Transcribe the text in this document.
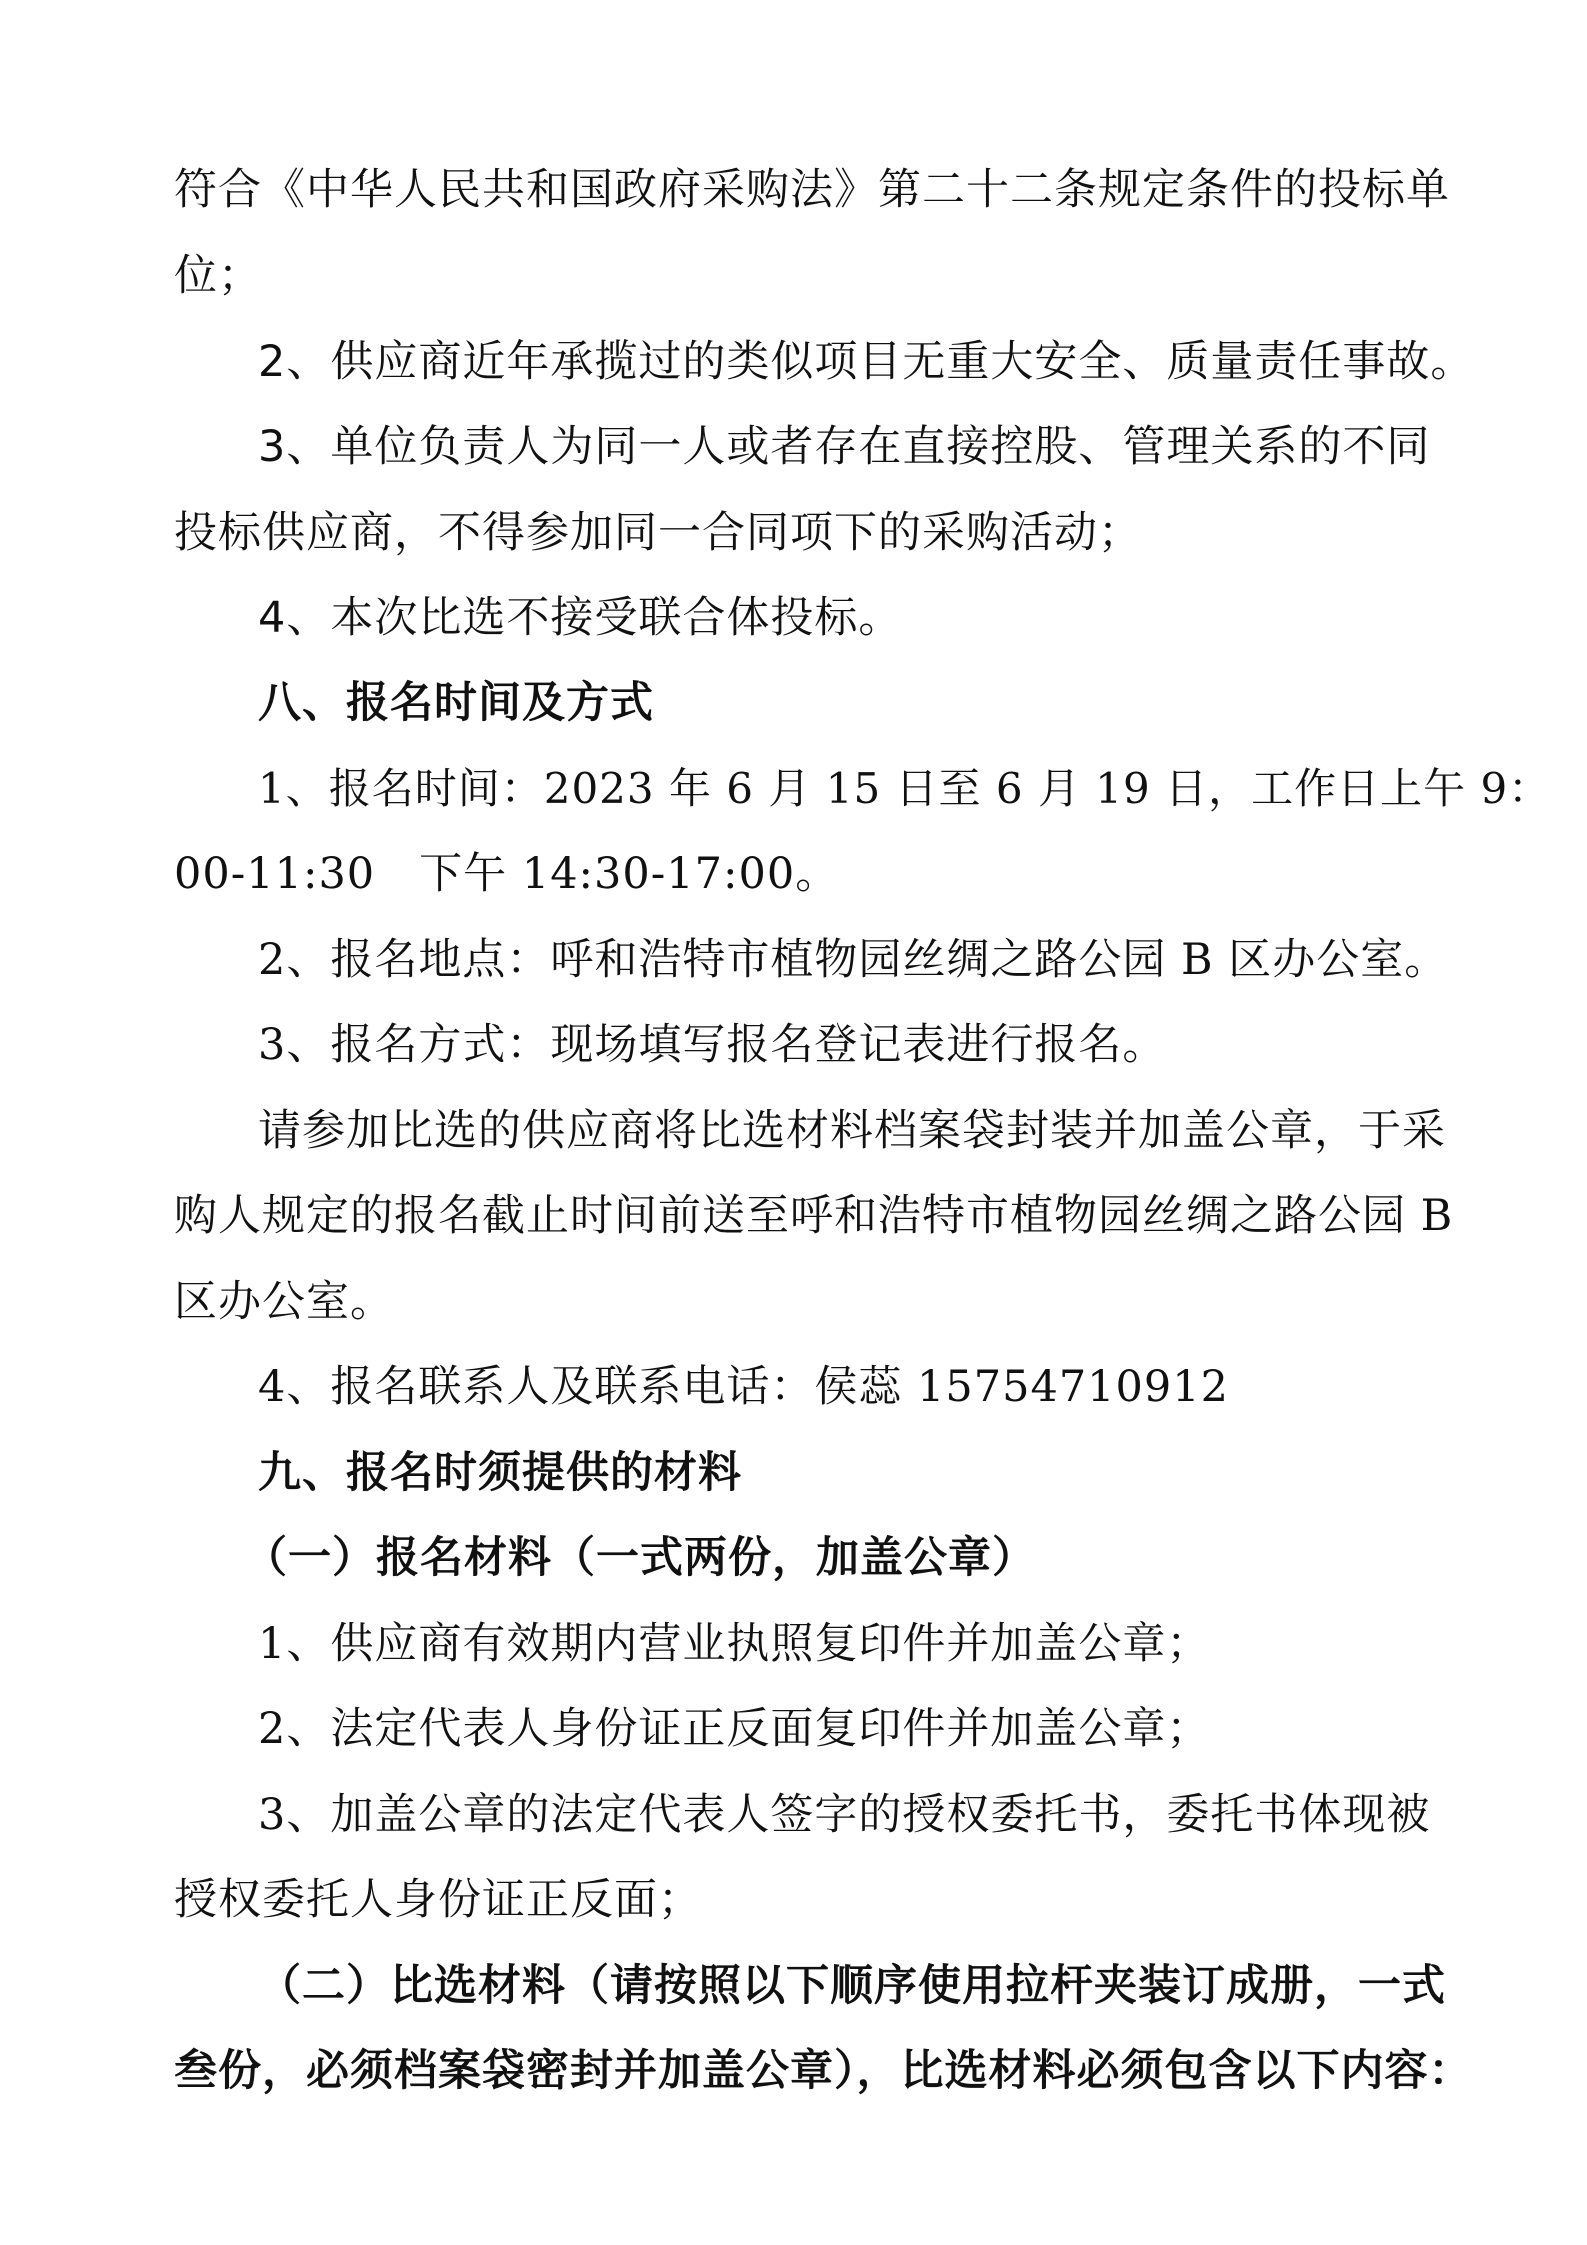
符合《中华人民共和国政府采购法》第二十二条规定条件的投标单
位；
2、供应商近年承揽过的类似项目无重大安全、质量责任事故。
3、单位负责人为同一人或者存在直接控股、管理关系的不同
投标供应商，不得参加同一合同项下的采购活动；
4、本次比选不接受联合体投标。
八、报名时间及方式
1、报名时间：2023 年 6 月 15 日至 6 月 19 日，工作日上午 9：
00-11:30　下午 14:30-17:00。
2、报名地点：呼和浩特市植物园丝绸之路公园 B 区办公室。
3、报名方式：现场填写报名登记表进行报名。
请参加比选的供应商将比选材料档案袋封装并加盖公章，于采
购人规定的报名截止时间前送至呼和浩特市植物园丝绸之路公园 B
区办公室。
4、报名联系人及联系电话：侯蕊 15754710912
九、报名时须提供的材料
（一）报名材料（一式两份，加盖公章）
1、供应商有效期内营业执照复印件并加盖公章；
2、法定代表人身份证正反面复印件并加盖公章；
3、加盖公章的法定代表人签字的授权委托书，委托书体现被
授权委托人身份证正反面；
（二）比选材料（请按照以下顺序使用拉杆夹装订成册，一式
叁份，必须档案袋密封并加盖公章），比选材料必须包含以下内容：
